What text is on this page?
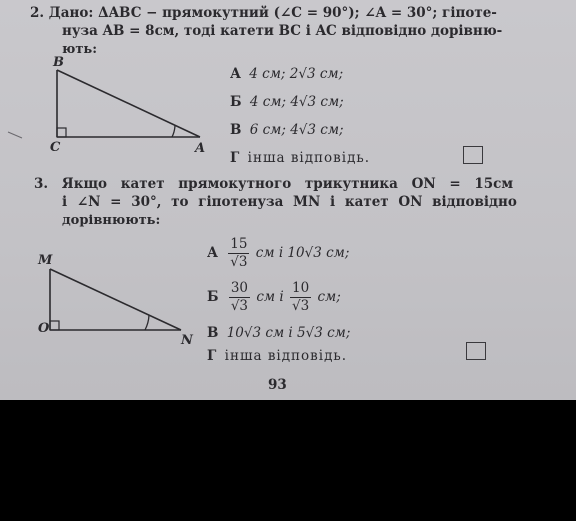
2. Дано: ΔABC − прямокутний (∠C = 90°); ∠A = 30°; гіпоте-
нуза AB = 8см, тоді катети BC і AC відповідно дорівню-
ють:
B
C	A
А 4 см; 2√3 см;
Б 4 см; 4√3 см;
В 6 см; 4√3 см;
Г інша відповідь.
3. Якщо катет прямокутного трикутника ON = 15см
і ∠N = 30°, то гіпотенуза MN і катет ON відповідно
дорівнюють:
M
O
N
А $\frac{15}{√3}$ см і 10√3 см;
Б $\frac{30}{√3}$ см і $\frac{10}{√3}$ см;
В 10√3 см і 5√3 см;
Г інша відповідь.
93
